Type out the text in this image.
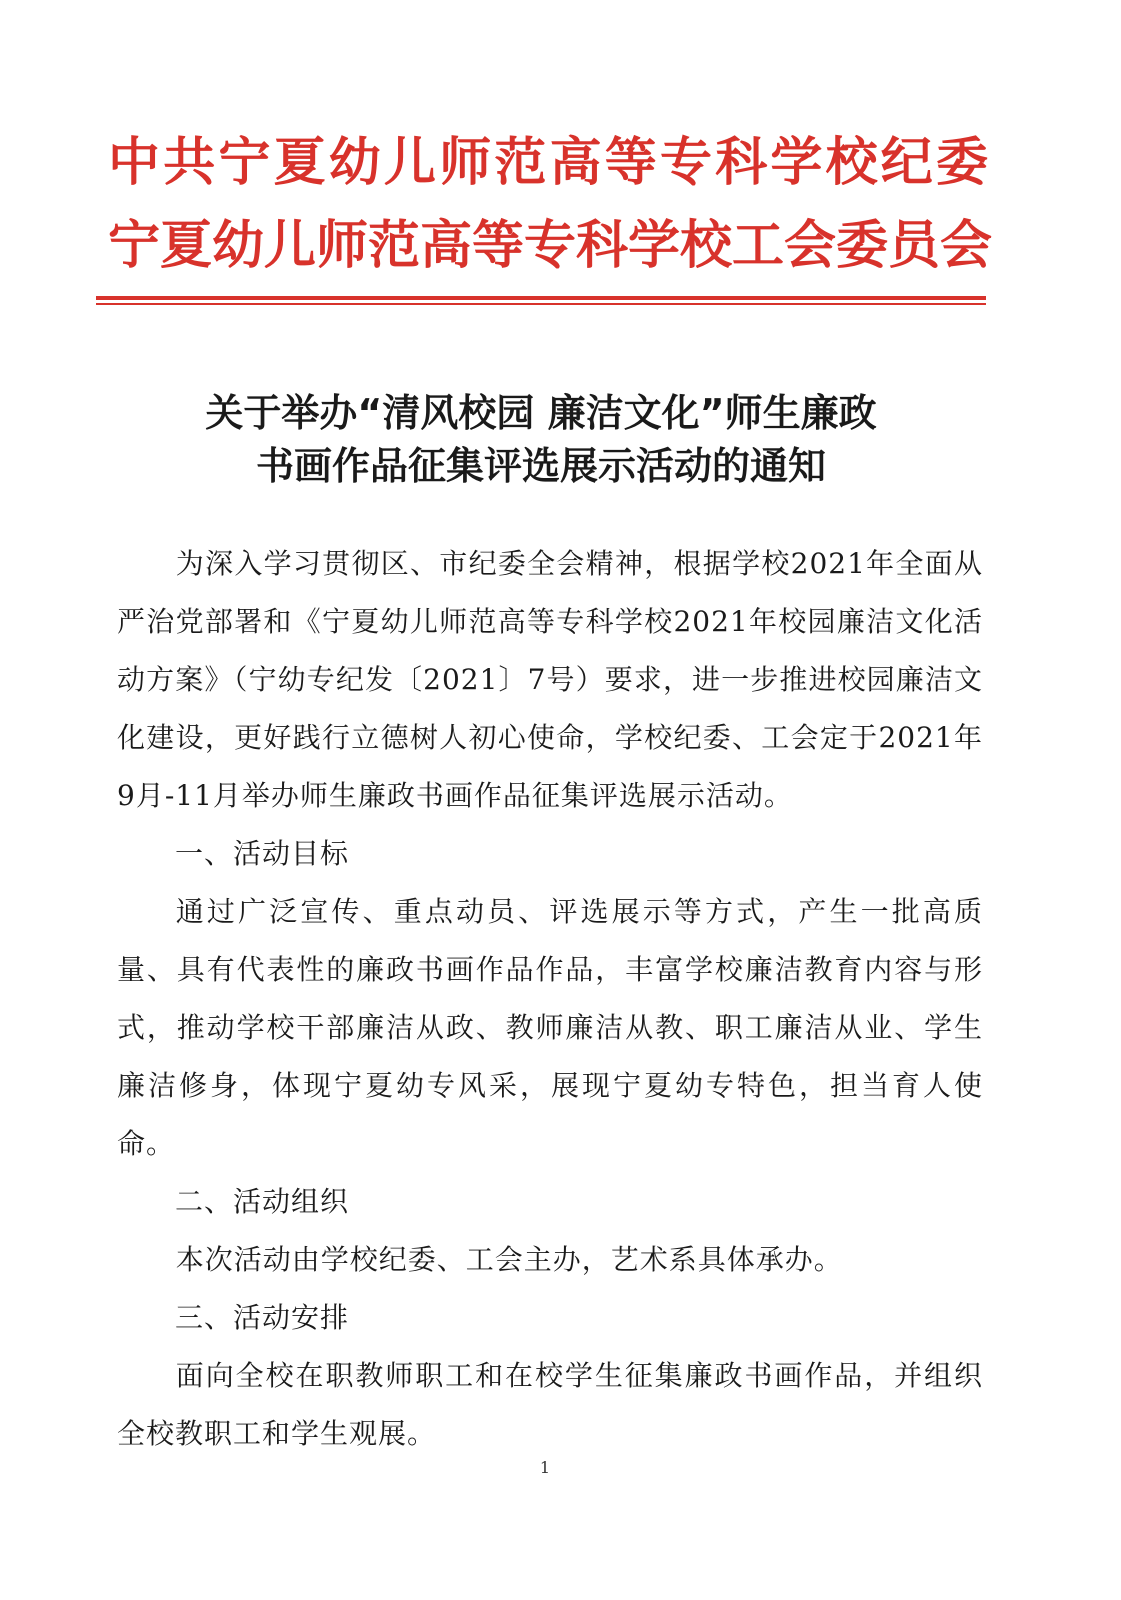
中共宁夏幼儿师范高等专科学校纪委
宁夏幼儿师范高等专科学校工会委员会
关于举办“清风校园 廉洁文化”师生廉政
书画作品征集评选展示活动的通知

为深入学习贯彻区、市纪委全会精神，根据学校2021年全面从严治党部署和《宁夏幼儿师范高等专科学校2021年校园廉洁文化活动方案》（宁幼专纪发〔2021〕7号）要求，进一步推进校园廉洁文化建设，更好践行立德树人初心使命，学校纪委、工会定于2021年9月-11月举办师生廉政书画作品征集评选展示活动。

一、活动目标

通过广泛宣传、重点动员、评选展示等方式，产生一批高质量、具有代表性的廉政书画作品作品，丰富学校廉洁教育内容与形式，推动学校干部廉洁从政、教师廉洁从教、职工廉洁从业、学生廉洁修身，体现宁夏幼专风采，展现宁夏幼专特色，担当育人使命。

二、活动组织

本次活动由学校纪委、工会主办，艺术系具体承办。

三、活动安排

面向全校在职教师职工和在校学生征集廉政书画作品，并组织全校教职工和学生观展。

1
